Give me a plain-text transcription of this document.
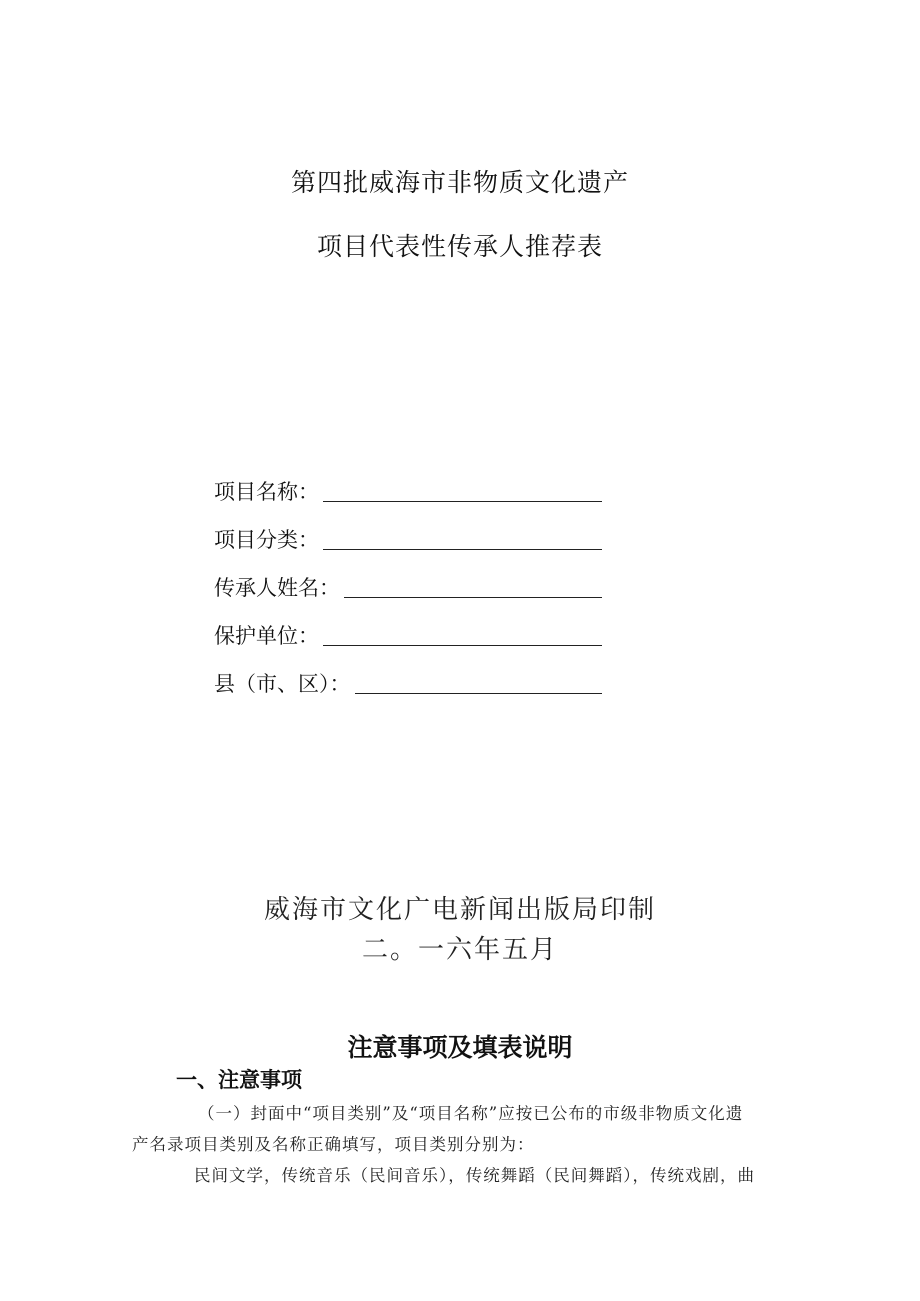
第四批威海市非物质文化遗产
项目代表性传承人推荐表
项目名称：
项目分类：
传承人姓名：
保护单位：
县（市、区）：
威海市文化广电新闻出版局印制
二。一六年五月
注意事项及填表说明
一、注意事项
（一）封面中“项目类别”及“项目名称”应按已公布的市级非物质文化遗
产名录项目类别及名称正确填写，项目类别分别为：
民间文学，传统音乐（民间音乐），传统舞蹈（民间舞蹈），传统戏剧，曲
